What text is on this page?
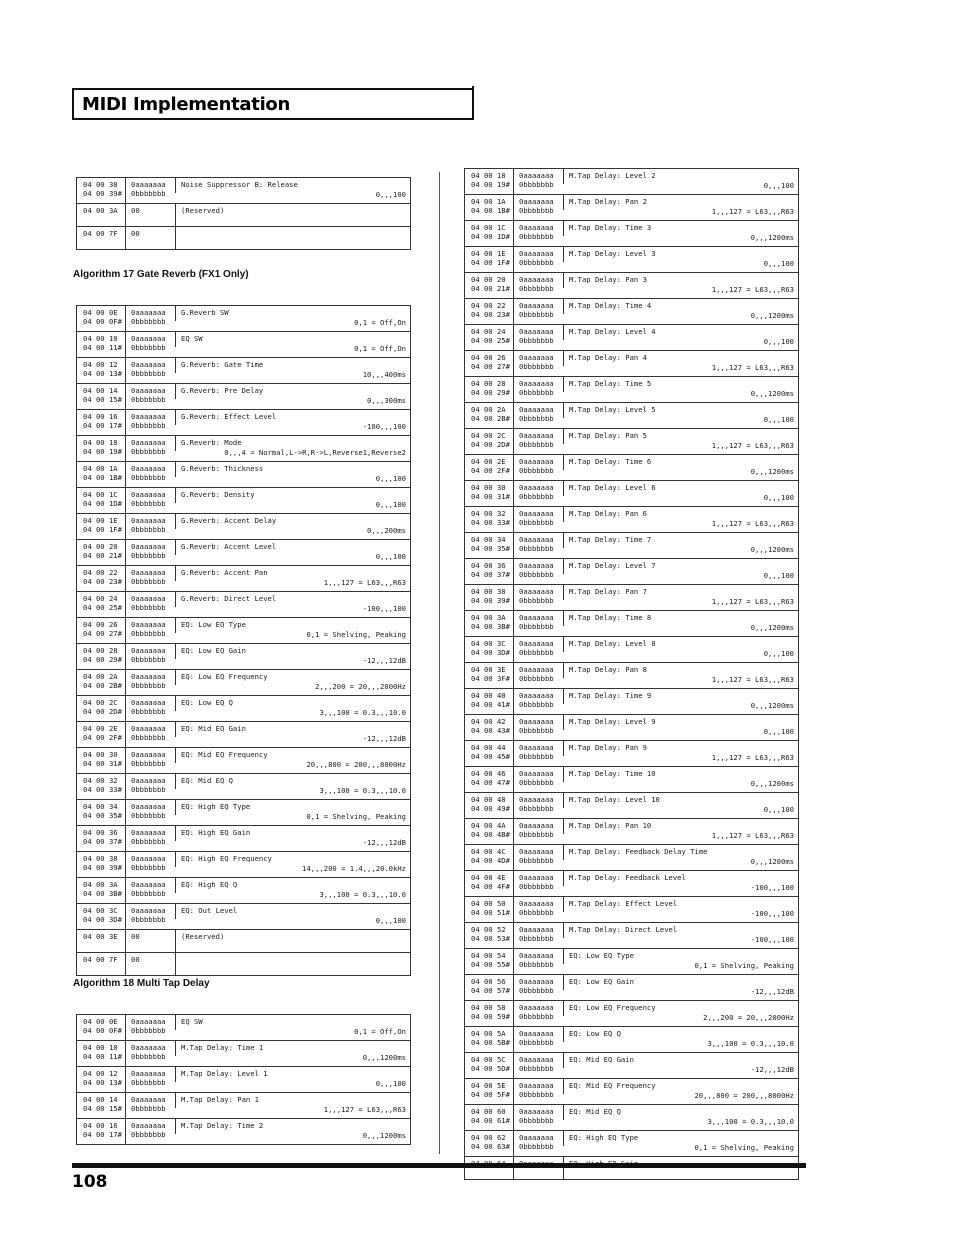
MIDI Implementation
04 00 38
04 00 39#
0aaaaaaa
0bbbbbbb
Noise Suppressor B: Release
0,,,100
04 00 3A 00	(Reserved)
04 00 7F 00
Algorithm 17 Gate Reverb (FX1 Only)
04 00 0E
04 00 0F#
0aaaaaaa
0bbbbbbb
G.Reverb SW
0,1 = Off,On
04 00 10
04 00 11#
0aaaaaaa
0bbbbbbb
EQ SW
0,1 = Off,On
04 00 12
04 00 13#
0aaaaaaa
0bbbbbbb
G.Reverb: Gate Time
10,,,400ms
04 00 14
04 00 15#
0aaaaaaa
0bbbbbbb
G.Reverb: Pre Delay
0,,,300ms
04 00 16
04 00 17#
0aaaaaaa
0bbbbbbb
G.Reverb: Effect Level
-100,,,100
04 00 18
04 00 19#
0aaaaaaa
0bbbbbbb
G.Reverb: Mode
0,,,4 = Normal,L->R,R->L,Reverse1,Reverse2
04 00 1A
04 00 1B#
0aaaaaaa
0bbbbbbb
G.Reverb: Thickness
0,,,100
04 00 1C
04 00 1D#
0aaaaaaa
0bbbbbbb
G.Reverb: Density
0,,,100
04 00 1E
04 00 1F#
0aaaaaaa
0bbbbbbb
G.Reverb: Accent Delay
0,,,200ms
04 00 20
04 00 21#
0aaaaaaa
0bbbbbbb
G.Reverb: Accent Level
0,,,100
04 00 22
04 00 23#
0aaaaaaa
0bbbbbbb
G.Reverb: Accent Pan
1,,,127 = L63,,,R63
04 00 24
04 00 25#
0aaaaaaa
0bbbbbbb
G.Reverb: Direct Level
-100,,,100
04 00 26
04 00 27#
0aaaaaaa
0bbbbbbb
EQ: Low EQ Type
0,1 = Shelving, Peaking
04 00 28
04 00 29#
0aaaaaaa
0bbbbbbb
EQ: Low EQ Gain
-12,,,12dB
04 00 2A
04 00 2B#
0aaaaaaa
0bbbbbbb
EQ: Low EQ Frequency
2,,,200 = 20,,,2000Hz
04 00 2C
04 00 2D#
0aaaaaaa
0bbbbbbb
EQ: Low EQ Q
3,,,100 = 0.3,,,10.0
04 00 2E
04 00 2F#
0aaaaaaa
0bbbbbbb
EQ: Mid EQ Gain
-12,,,12dB
04 00 30
04 00 31#
0aaaaaaa
0bbbbbbb
EQ: Mid EQ Frequency
20,,,800 = 200,,,8000Hz
04 00 32
04 00 33#
0aaaaaaa
0bbbbbbb
EQ: Mid EQ Q
3,,,100 = 0.3,,,10.0
04 00 34
04 00 35#
0aaaaaaa
0bbbbbbb
EQ: High EQ Type
0,1 = Shelving, Peaking
04 00 36
04 00 37#
0aaaaaaa
0bbbbbbb
EQ: High EQ Gain
-12,,,12dB
04 00 38
04 00 39#
0aaaaaaa
0bbbbbbb
EQ: High EQ Frequency
14,,,200 = 1.4,,,20.0kHz
04 00 3A
04 00 3B#
0aaaaaaa
0bbbbbbb
EQ: High EQ Q
3,,,100 = 0.3,,,10.0
04 00 3C
04 00 3D#
0aaaaaaa
0bbbbbbb
EQ: Out Level
0,,,100
04 00 3E 00	(Reserved)
04 00 7F 00
Algorithm 18 Multi Tap Delay
04 00 0E
04 00 0F#
0aaaaaaa
0bbbbbbb
EQ SW
0,1 = Off,On
04 00 10
04 00 11#
0aaaaaaa
0bbbbbbb
M.Tap Delay: Time 1
0,,,1200ms
04 00 12
04 00 13#
0aaaaaaa
0bbbbbbb
M.Tap Delay: Level 1
0,,,100
04 00 14
04 00 15#
0aaaaaaa
0bbbbbbb
M.Tap Delay: Pan 1
1,,,127 = L63,,,R63
04 00 16
04 00 17#
0aaaaaaa
0bbbbbbb
M.Tap Delay: Time 2
0,,,1200ms
04 00 18
04 00 19#
0aaaaaaa
0bbbbbbb
M.Tap Delay: Level 2
0,,,100
04 00 1A
04 00 1B#
0aaaaaaa
0bbbbbbb
M.Tap Delay: Pan 2
1,,,127 = L63,,,R63
04 00 1C
04 00 1D#
0aaaaaaa
0bbbbbbb
M.Tap Delay: Time 3
0,,,1200ms
04 00 1E
04 00 1F#
0aaaaaaa
0bbbbbbb
M.Tap Delay: Level 3
0,,,100
04 00 20
04 00 21#
0aaaaaaa
0bbbbbbb
M.Tap Delay: Pan 3
1,,,127 = L63,,,R63
04 00 22
04 00 23#
0aaaaaaa
0bbbbbbb
M.Tap Delay: Time 4
0,,,1200ms
04 00 24
04 00 25#
0aaaaaaa
0bbbbbbb
M.Tap Delay: Level 4
0,,,100
04 00 26
04 00 27#
0aaaaaaa
0bbbbbbb
M.Tap Delay: Pan 4
1,,,127 = L63,,,R63
04 00 28
04 00 29#
0aaaaaaa
0bbbbbbb
M.Tap Delay: Time 5
0,,,1200ms
04 00 2A
04 00 2B#
0aaaaaaa
0bbbbbbb
M.Tap Delay: Level 5
0,,,100
04 00 2C
04 00 2D#
0aaaaaaa
0bbbbbbb
M.Tap Delay: Pan 5
1,,,127 = L63,,,R63
04 00 2E
04 00 2F#
0aaaaaaa
0bbbbbbb
M.Tap Delay: Time 6
0,,,1200ms
04 00 30
04 00 31#
0aaaaaaa
0bbbbbbb
M.Tap Delay: Level 6
0,,,100
04 00 32
04 00 33#
0aaaaaaa
0bbbbbbb
M.Tap Delay: Pan 6
1,,,127 = L63,,,R63
04 00 34
04 00 35#
0aaaaaaa
0bbbbbbb
M.Tap Delay: Time 7
0,,,1200ms
04 00 36
04 00 37#
0aaaaaaa
0bbbbbbb
M.Tap Delay: Level 7
0,,,100
04 00 38
04 00 39#
0aaaaaaa
0bbbbbbb
M.Tap Delay: Pan 7
1,,,127 = L63,,,R63
04 00 3A
04 00 3B#
0aaaaaaa
0bbbbbbb
M.Tap Delay: Time 8
0,,,1200ms
04 00 3C
04 00 3D#
0aaaaaaa
0bbbbbbb
M.Tap Delay: Level 8
0,,,100
04 00 3E
04 00 3F#
0aaaaaaa
0bbbbbbb
M.Tap Delay: Pan 8
1,,,127 = L63,,,R63
04 00 40
04 00 41#
0aaaaaaa
0bbbbbbb
M.Tap Delay: Time 9
0,,,1200ms
04 00 42
04 00 43#
0aaaaaaa
0bbbbbbb
M.Tap Delay: Level 9
0,,,100
04 00 44
04 00 45#
0aaaaaaa
0bbbbbbb
M.Tap Delay: Pan 9
1,,,127 = L63,,,R63
04 00 46
04 00 47#
0aaaaaaa
0bbbbbbb
M.Tap Delay: Time 10
0,,,1200ms
04 00 48
04 00 49#
0aaaaaaa
0bbbbbbb
M.Tap Delay: Level 10
0,,,100
04 00 4A
04 00 4B#
0aaaaaaa
0bbbbbbb
M.Tap Delay: Pan 10
1,,,127 = L63,,,R63
04 00 4C
04 00 4D#
0aaaaaaa
0bbbbbbb
M.Tap Delay: Feedback Delay Time
0,,,1200ms
04 00 4E
04 00 4F#
0aaaaaaa
0bbbbbbb
M.Tap Delay: Feedback Level
-100,,,100
04 00 50
04 00 51#
0aaaaaaa
0bbbbbbb
M.Tap Delay: Effect Level
-100,,,100
04 00 52
04 00 53#
0aaaaaaa
0bbbbbbb
M.Tap Delay: Direct Level
-100,,,100
04 00 54
04 00 55#
0aaaaaaa
0bbbbbbb
EQ: Low EQ Type
0,1 = Shelving, Peaking
04 00 56
04 00 57#
0aaaaaaa
0bbbbbbb
EQ: Low EQ Gain
-12,,,12dB
04 00 58
04 00 59#
0aaaaaaa
0bbbbbbb
EQ: Low EQ Frequency
2,,,200 = 20,,,2000Hz
04 00 5A
04 00 5B#
0aaaaaaa
0bbbbbbb
EQ: Low EQ Q
3,,,100 = 0.3,,,10.0
04 00 5C
04 00 5D#
0aaaaaaa
0bbbbbbb
EQ: Mid EQ Gain
-12,,,12dB
04 00 5E
04 00 5F#
0aaaaaaa
0bbbbbbb
EQ: Mid EQ Frequency
20,,,800 = 200,,,8000Hz
04 00 60
04 00 61#
0aaaaaaa
0bbbbbbb
EQ: Mid EQ Q
3,,,100 = 0.3,,,10.0
04 00 62
04 00 63#
0aaaaaaa
0bbbbbbb
EQ: High EQ Type
0,1 = Shelving, Peaking
108
